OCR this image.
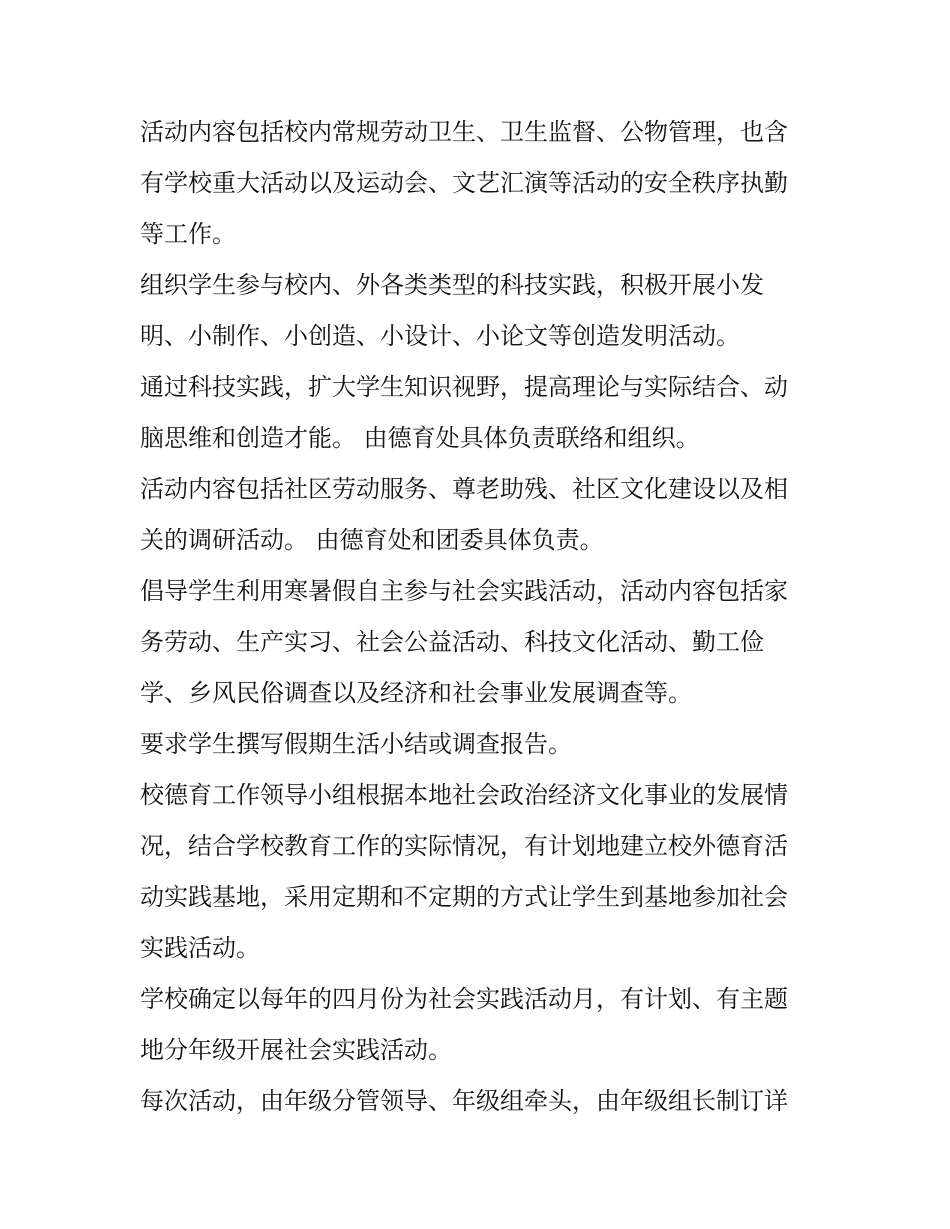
活动内容包括校内常规劳动卫生、卫生监督、公物管理，也含
有学校重大活动以及运动会、文艺汇演等活动的安全秩序执勤
等工作。

组织学生参与校内、外各类类型的科技实践，积极开展小发
明、小制作、小创造、小设计、小论文等创造发明活动。

通过科技实践，扩大学生知识视野，提高理论与实际结合、动
脑思维和创造才能。 由德育处具体负责联络和组织。

活动内容包括社区劳动服务、尊老助残、社区文化建设以及相
关的调研活动。 由德育处和团委具体负责。

倡导学生利用寒暑假自主参与社会实践活动，活动内容包括家
务劳动、生产实习、社会公益活动、科技文化活动、勤工俭
学、乡风民俗调查以及经济和社会事业发展调查等。

要求学生撰写假期生活小结或调查报告。

校德育工作领导小组根据本地社会政治经济文化事业的发展情
况，结合学校教育工作的实际情况，有计划地建立校外德育活
动实践基地，采用定期和不定期的方式让学生到基地参加社会
实践活动。

学校确定以每年的四月份为社会实践活动月，有计划、有主题
地分年级开展社会实践活动。

每次活动，由年级分管领导、年级组牵头，由年级组长制订详
